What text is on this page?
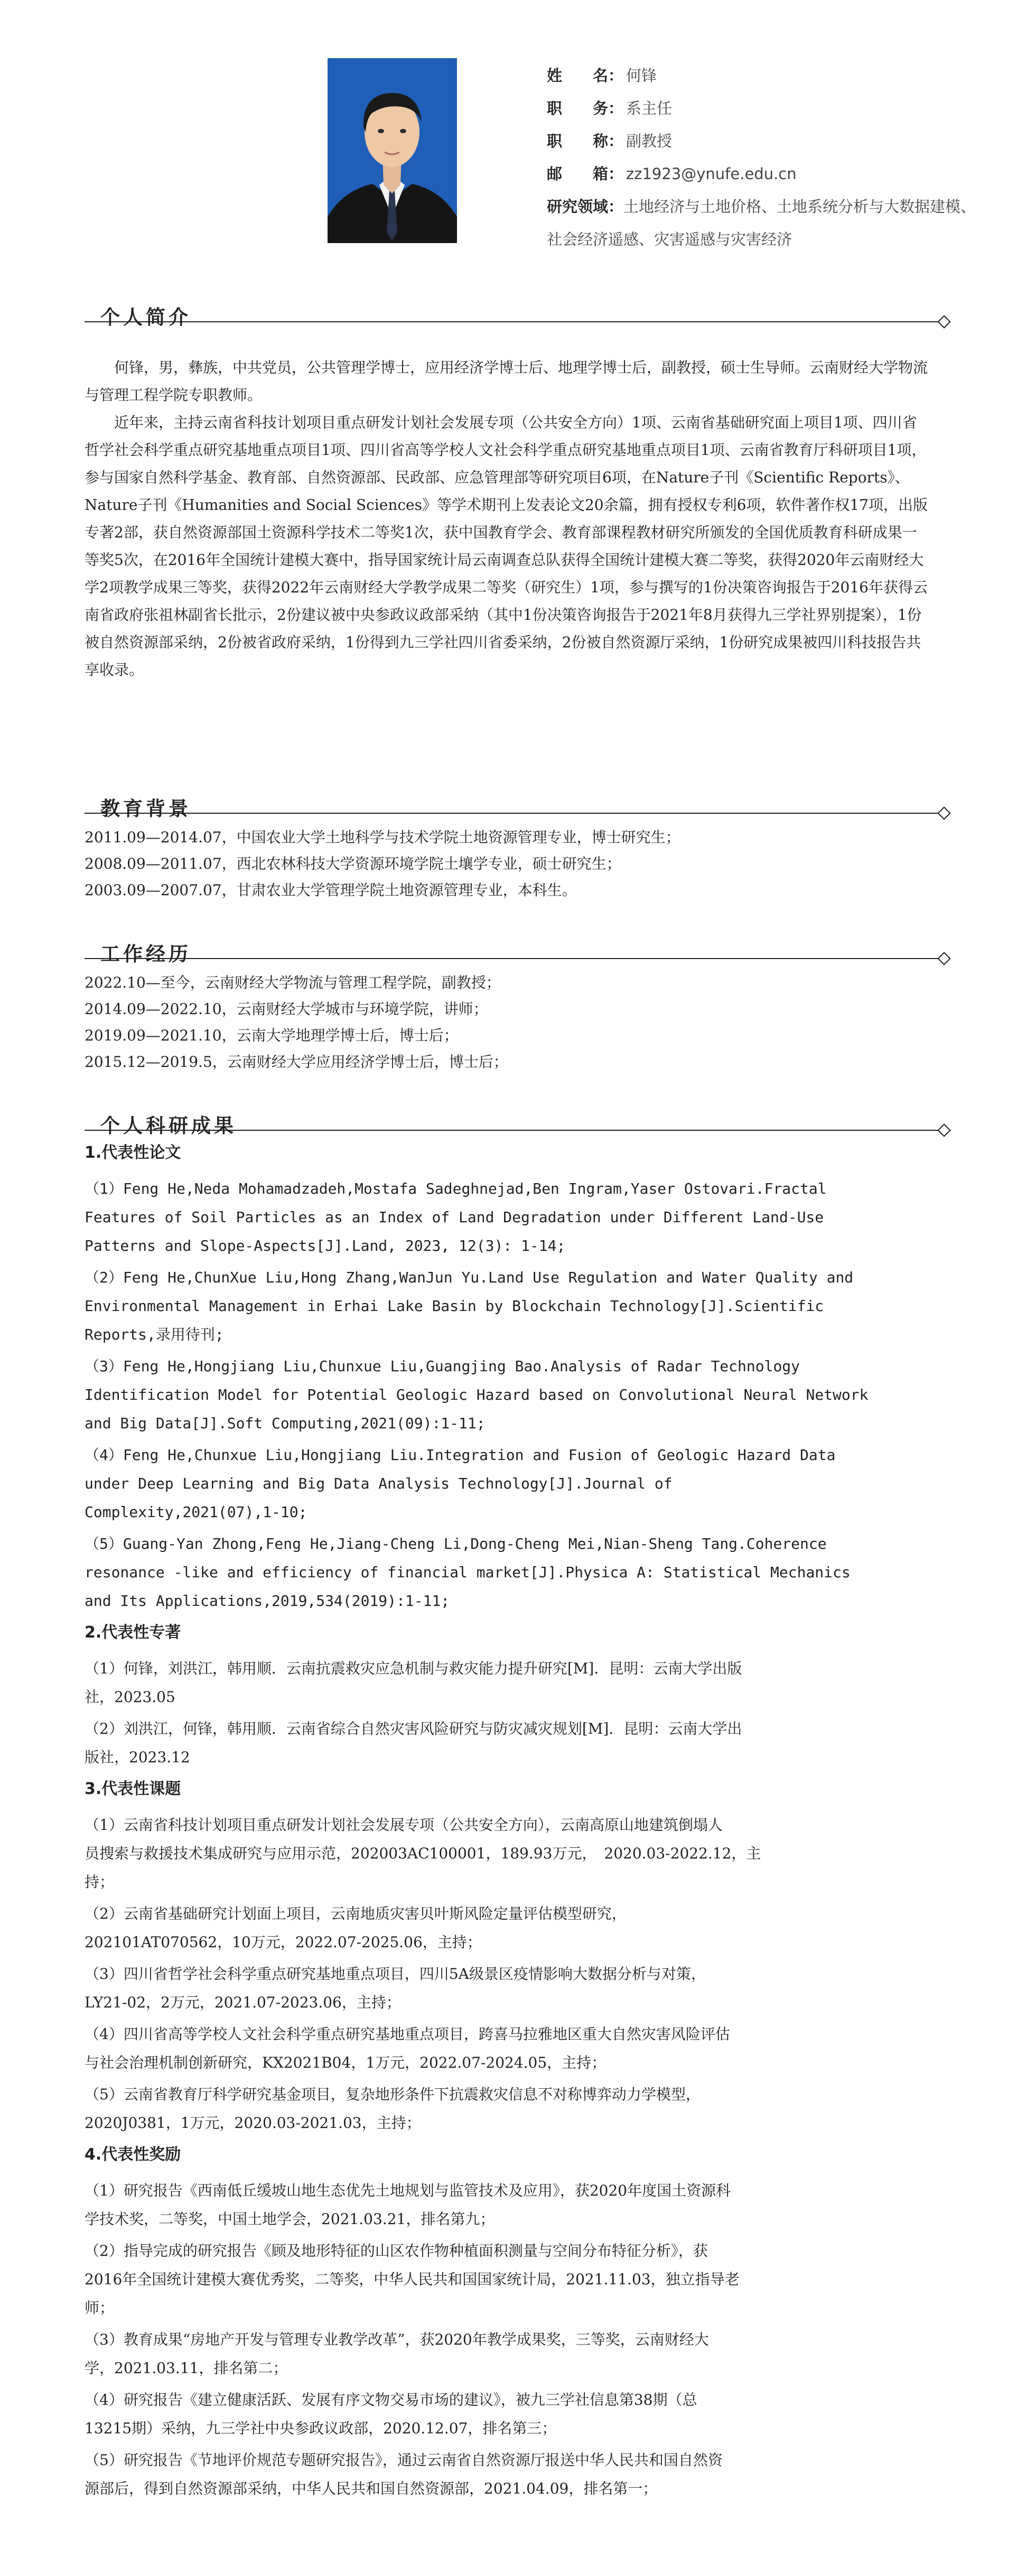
姓　　名： 何锋
职　　务： 系主任
职　　称： 副教授
邮　　箱： zz1923@ynufe.edu.cn
研究领域：土地经济与土地价格、土地系统分析与大数据建模、社会经济遥感、灾害遥感与灾害经济
个人简介

何锋，男，彝族，中共党员，公共管理学博士，应用经济学博士后、地理学博士后，副教授，硕士生导师。云南财经大学物流与管理工程学院专职教师。

近年来，主持云南省科技计划项目重点研发计划社会发展专项（公共安全方向）1项、云南省基础研究面上项目1项、四川省哲学社会科学重点研究基地重点项目1项、四川省高等学校人文社会科学重点研究基地重点项目1项、云南省教育厅科研项目1项，参与国家自然科学基金、教育部、自然资源部、民政部、应急管理部等研究项目6项，在Nature子刊《Scientific Reports》、Nature子刊《Humanities and Social Sciences》等学术期刊上发表论文20余篇，拥有授权专利6项，软件著作权17项，出版专著2部，获自然资源部国土资源科学技术二等奖1次，获中国教育学会、教育部课程教材研究所颁发的全国优质教育科研成果一等奖5次，在2016年全国统计建模大赛中，指导国家统计局云南调查总队获得全国统计建模大赛二等奖，获得2020年云南财经大学2项教学成果三等奖，获得2022年云南财经大学教学成果二等奖（研究生）1项，参与撰写的1份决策咨询报告于2016年获得云南省政府张祖林副省长批示，2份建议被中央参政议政部采纳（其中1份决策咨询报告于2021年8月获得九三学社界别提案），1份被自然资源部采纳，2份被省政府采纳，1份得到九三学社四川省委采纳，2份被自然资源厅采纳，1份研究成果被四川科技报告共享收录。

教育背景
2011.09—2014.07，中国农业大学土地科学与技术学院土地资源管理专业，博士研究生；
2008.09—2011.07，西北农林科技大学资源环境学院土壤学专业，硕士研究生；
2003.09—2007.07，甘肃农业大学管理学院土地资源管理专业，本科生。
工作经历
2022.10—至今，云南财经大学物流与管理工程学院，副教授；
2014.09—2022.10，云南财经大学城市与环境学院，讲师；
2019.09—2021.10，云南大学地理学博士后，博士后；
2015.12—2019.5，云南财经大学应用经济学博士后，博士后；
个人科研成果
1.代表性论文
（1）Feng He,Neda Mohamadzadeh,Mostafa Sadeghnejad,Ben Ingram,Yaser Ostovari.Fractal
Features of Soil Particles as an Index of Land Degradation under Different Land-Use
Patterns and Slope-Aspects[J].Land, 2023, 12(3): 1-14;
（2）Feng He,ChunXue Liu,Hong Zhang,WanJun Yu.Land Use Regulation and Water Quality and
Environmental Management in Erhai Lake Basin by Blockchain Technology[J].Scientific
Reports,录用待刊;
（3）Feng He,Hongjiang Liu,Chunxue Liu,Guangjing Bao.Analysis of Radar Technology
Identification Model for Potential Geologic Hazard based on Convolutional Neural Network
and Big Data[J].Soft Computing,2021(09):1-11;
（4）Feng He,Chunxue Liu,Hongjiang Liu.Integration and Fusion of Geologic Hazard Data
under Deep Learning and Big Data Analysis Technology[J].Journal of
Complexity,2021(07),1-10;
（5）Guang-Yan Zhong,Feng He,Jiang-Cheng Li,Dong-Cheng Mei,Nian-Sheng Tang.Coherence
resonance -like and efficiency of financial market[J].Physica A: Statistical Mechanics
and Its Applications,2019,534(2019):1-11;
2.代表性专著
（1）何锋，刘洪江，韩用顺．云南抗震救灾应急机制与救灾能力提升研究[M]．昆明：云南大学出版
社，2023.05
（2）刘洪江，何锋，韩用顺．云南省综合自然灾害风险研究与防灾减灾规划[M]．昆明：云南大学出
版社，2023.12
3.代表性课题
（1）云南省科技计划项目重点研发计划社会发展专项（公共安全方向），云南高原山地建筑倒塌人
员搜索与救援技术集成研究与应用示范，202003AC100001，189.93万元，　2020.03-2022.12，主
持；
（2）云南省基础研究计划面上项目，云南地质灾害贝叶斯风险定量评估模型研究，
202101AT070562，10万元，2022.07-2025.06，主持；
（3）四川省哲学社会科学重点研究基地重点项目，四川5A级景区疫情影响大数据分析与对策，
LY21-02，2万元，2021.07-2023.06，主持；
（4）四川省高等学校人文社会科学重点研究基地重点项目，跨喜马拉雅地区重大自然灾害风险评估
与社会治理机制创新研究，KX2021B04，1万元，2022.07-2024.05，主持；
（5）云南省教育厅科学研究基金项目，复杂地形条件下抗震救灾信息不对称博弈动力学模型，
2020J0381，1万元，2020.03-2021.03，主持；
4.代表性奖励
（1）研究报告《西南低丘缓坡山地生态优先土地规划与监管技术及应用》，获2020年度国土资源科
学技术奖，二等奖，中国土地学会，2021.03.21，排名第九；
（2）指导完成的研究报告《顾及地形特征的山区农作物种植面积测量与空间分布特征分析》，获
2016年全国统计建模大赛优秀奖，二等奖，中华人民共和国国家统计局，2021.11.03，独立指导老
师；
（3）教育成果“房地产开发与管理专业教学改革”，获2020年教学成果奖，三等奖，云南财经大
学，2021.03.11，排名第二；
（4）研究报告《建立健康活跃、发展有序文物交易市场的建议》，被九三学社信息第38期（总
13215期）采纳，九三学社中央参政议政部，2020.12.07，排名第三；
（5）研究报告《节地评价规范专题研究报告》，通过云南省自然资源厅报送中华人民共和国自然资
源部后，得到自然资源部采纳，中华人民共和国自然资源部，2021.04.09，排名第一；
